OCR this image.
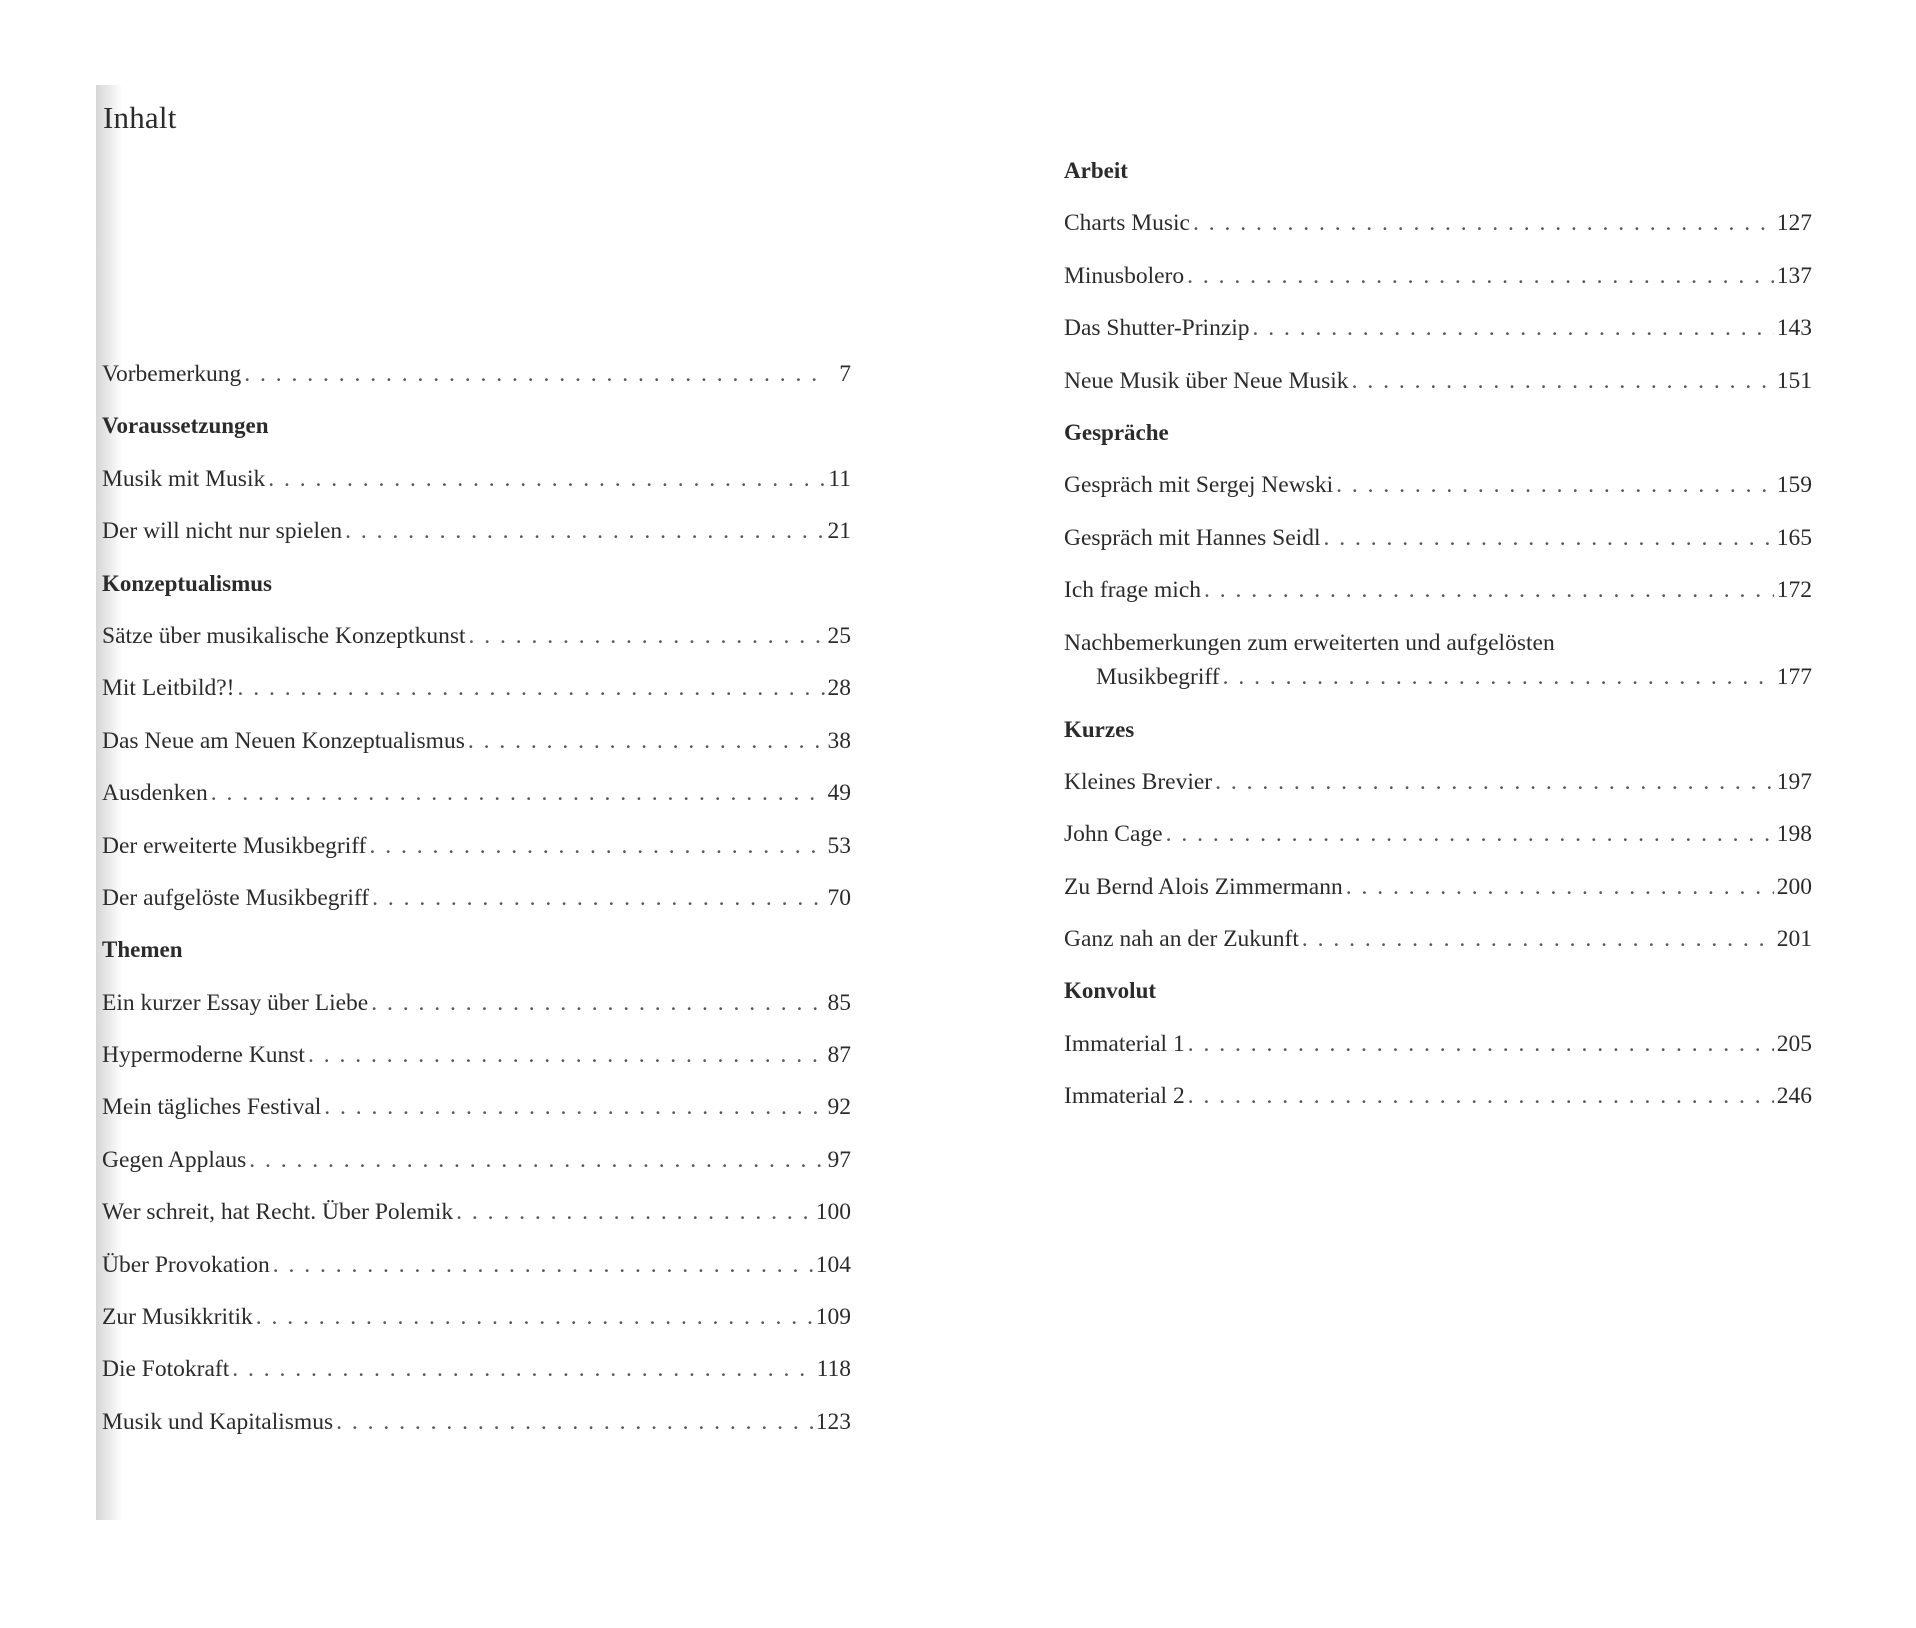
Inhalt
Vorbemerkung . . .	7
Voraussetzungen
Musik mit Musik . . .	11
Der will nicht nur spielen . . .	21
Konzeptualismus
Sätze über musikalische Konzeptkunst . . .	25
Mit Leitbild?! . . .	28
Das Neue am Neuen Konzeptualismus . . .	38
Ausdenken . . .	49
Der erweiterte Musikbegriff . . .	53
Der aufgelöste Musikbegriff . . .	70
Themen
Ein kurzer Essay über Liebe . . .	85
Hypermoderne Kunst . . .	87
Mein tägliches Festival . . .	92
Gegen Applaus . . .	97
Wer schreit, hat Recht. Über Polemik . . .	100
Über Provokation . . .	104
Zur Musikkritik . . .	109
Die Fotokraft . . .	118
Musik und Kapitalismus . . .	123
Arbeit
Charts Music . . .	127
Minusbolero . . .	137
Das Shutter-Prinzip . . .	143
Neue Musik über Neue Musik . . .	151
Gespräche
Gespräch mit Sergej Newski . . .	159
Gespräch mit Hannes Seidl . . .	165
Ich frage mich . . .	172
Nachbemerkungen zum erweiterten und aufgelösten
Musikbegriff . . .	177
Kurzes
Kleines Brevier . . .	197
John Cage . . .	198
Zu Bernd Alois Zimmermann . . .	200
Ganz nah an der Zukunft . . .	201
Konvolut
Immaterial 1 . . .	205
Immaterial 2 . . .	246
